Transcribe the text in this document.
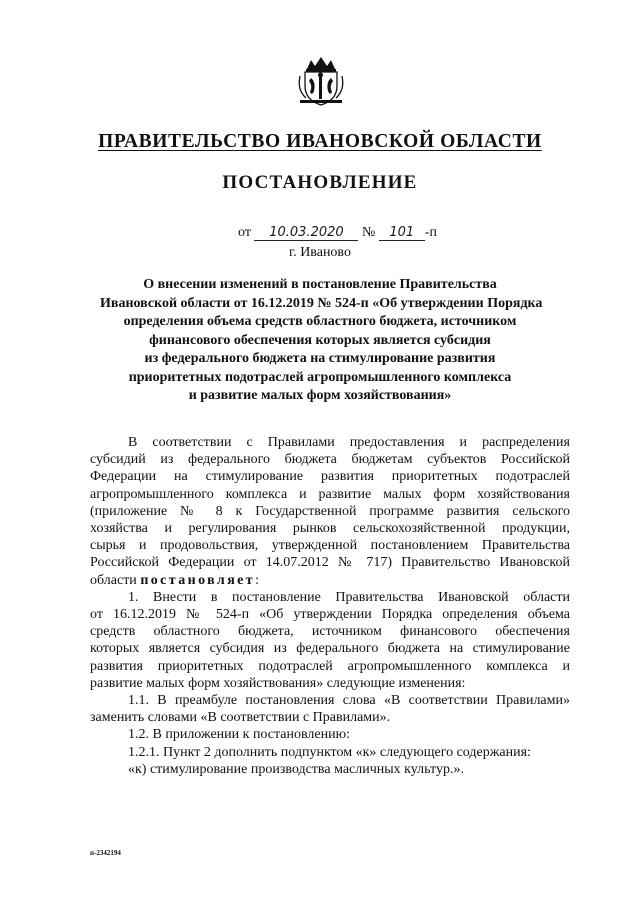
ПРАВИТЕЛЬСТВО ИВАНОВСКОЙ ОБЛАСТИ
ПОСТАНОВЛЕНИЕ
от 10.03.2020 № 101 -п
г. Иваново
О внесении изменений в постановление Правительства
Ивановской области от 16.12.2019 № 524-п «Об утверждении Порядка
определения объема средств областного бюджета, источником
финансового обеспечения которых является субсидия
из федерального бюджета на стимулирование развития
приоритетных подотраслей агропромышленного комплекса
и развитие малых форм хозяйствования»

В соответствии с Правилами предоставления и распределения

субсидий из федерального бюджета бюджетам субъектов Российской

Федерации на стимулирование развития приоритетных подотраслей

агропромышленного комплекса и развитие малых форм хозяйствования

(приложение № 8 к Государственной программе развития сельского

хозяйства и регулирования рынков сельскохозяйственной продукции,

сырья и продовольствия, утвержденной постановлением Правительства

Российской Федерации от 14.07.2012 № 717) Правительство Ивановской

области постановляет:

1. Внести в постановление Правительства Ивановской области

от 16.12.2019 № 524-п «Об утверждении Порядка определения объема

средств областного бюджета, источником финансового обеспечения

которых является субсидия из федерального бюджета на стимулирование

развития приоритетных подотраслей агропромышленного комплекса и

развитие малых форм хозяйствования» следующие изменения:

1.1. В преамбуле постановления слова «В соответствии Правилами»

заменить словами «В соответствии с Правилами».

1.2. В приложении к постановлению:

1.2.1. Пункт 2 дополнить подпунктом «к» следующего содержания:

«к) стимулирование производства масличных культур.».

п-2342194
